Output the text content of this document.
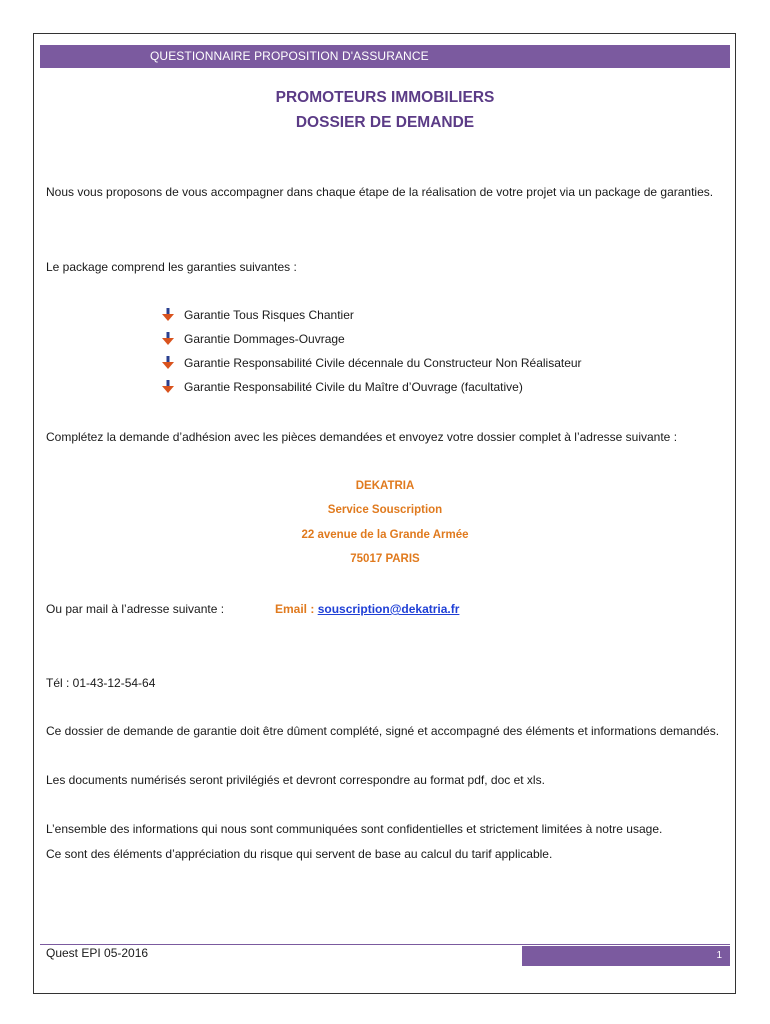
QUESTIONNAIRE PROPOSITION D'ASSURANCE
PROMOTEURS IMMOBILIERS
DOSSIER DE DEMANDE
Nous vous proposons de vous accompagner dans chaque étape de la réalisation de votre projet via un package de garanties.
Le package comprend les garanties suivantes :
Garantie Tous Risques Chantier
Garantie Dommages-Ouvrage
Garantie Responsabilité Civile décennale du Constructeur Non Réalisateur
Garantie Responsabilité Civile du Maître d’Ouvrage (facultative)
Complétez la demande d’adhésion avec les pièces demandées et envoyez votre dossier complet à l’adresse suivante :
DEKATRIA
Service Souscription
22 avenue de la Grande Armée
75017 PARIS
Ou par mail à l’adresse suivante :	Email : souscription@dekatria.fr
Tél : 01-43-12-54-64
Ce dossier de demande de garantie doit être dûment complété, signé et accompagné des éléments et informations demandés.
Les documents numérisés seront privilégiés et devront correspondre au format pdf, doc et xls.
L’ensemble des informations qui nous sont communiquées sont confidentielles et strictement limitées à notre usage.
Ce sont des éléments d’appréciation du risque qui servent de base au calcul du tarif applicable.
Quest EPI 05-2016	1
